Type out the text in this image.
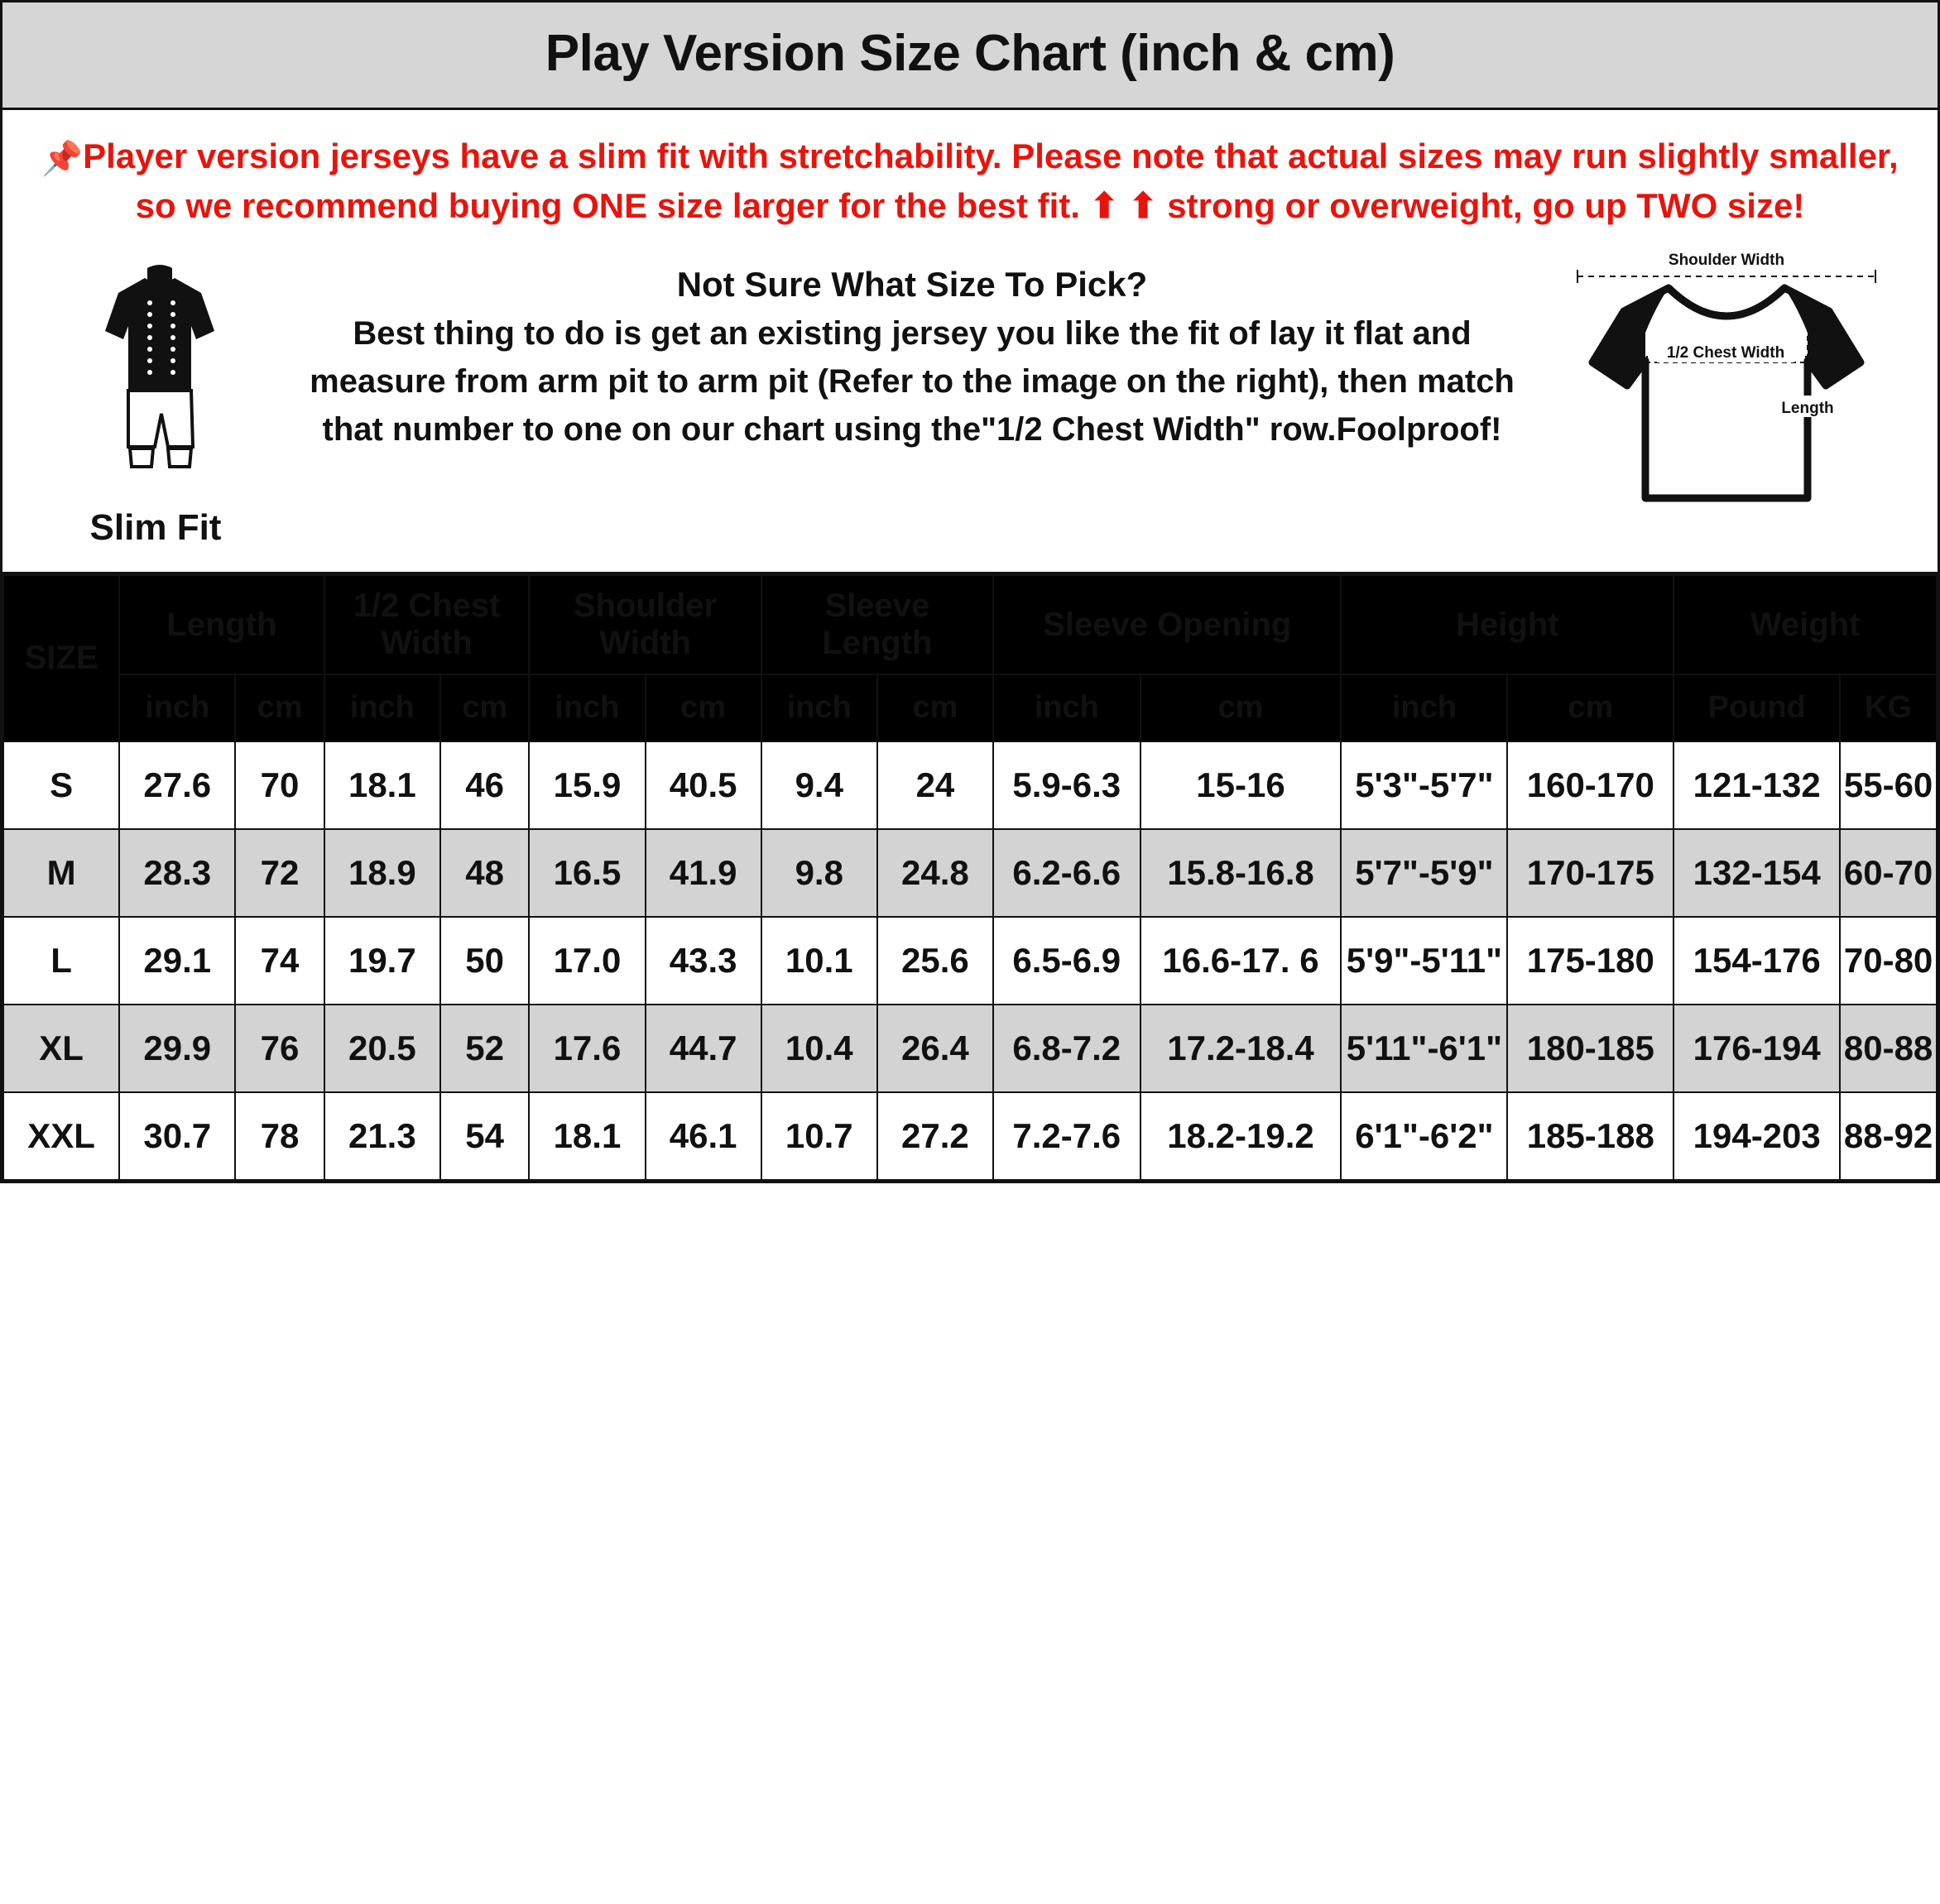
Play Version Size Chart (inch & cm)
📌Player version jerseys have a slim fit with stretchability. Please note that actual sizes may run slightly smaller, so we recommend buying ONE size larger for the best fit. ⬆ ⬆ strong or overweight, go up TWO size!
Slim Fit
Not Sure What Size To Pick?
Best thing to do is get an existing jersey you like the fit of lay it flat and measure from arm pit to arm pit (Refer to the image on the right), then match that number to one on our chart using the"1/2 Chest Width" row.Foolproof!
Shoulder Width
1/2 Chest Width
Length
SIZE	Length		1/2 Chest Width		Shoulder Width		Sleeve Length		Sleeve Opening		Height		Weight	
	inch	cm	inch	cm	inch	cm	inch	cm	inch	cm	inch	cm	Pound	KG
S	27.6	70	18.1	46	15.9	40.5	9.4	24	5.9-6.3	15-16	5'3"-5'7"	160-170	121-132	55-60
M	28.3	72	18.9	48	16.5	41.9	9.8	24.8	6.2-6.6	15.8-16.8	5'7"-5'9"	170-175	132-154	60-70
L	29.1	74	19.7	50	17.0	43.3	10.1	25.6	6.5-6.9	16.6-17. 6	5'9"-5'11"	175-180	154-176	70-80
XL	29.9	76	20.5	52	17.6	44.7	10.4	26.4	6.8-7.2	17.2-18.4	5'11"-6'1"	180-185	176-194	80-88
XXL	30.7	78	21.3	54	18.1	46.1	10.7	27.2	7.2-7.6	18.2-19.2	6'1"-6'2"	185-188	194-203	88-92
